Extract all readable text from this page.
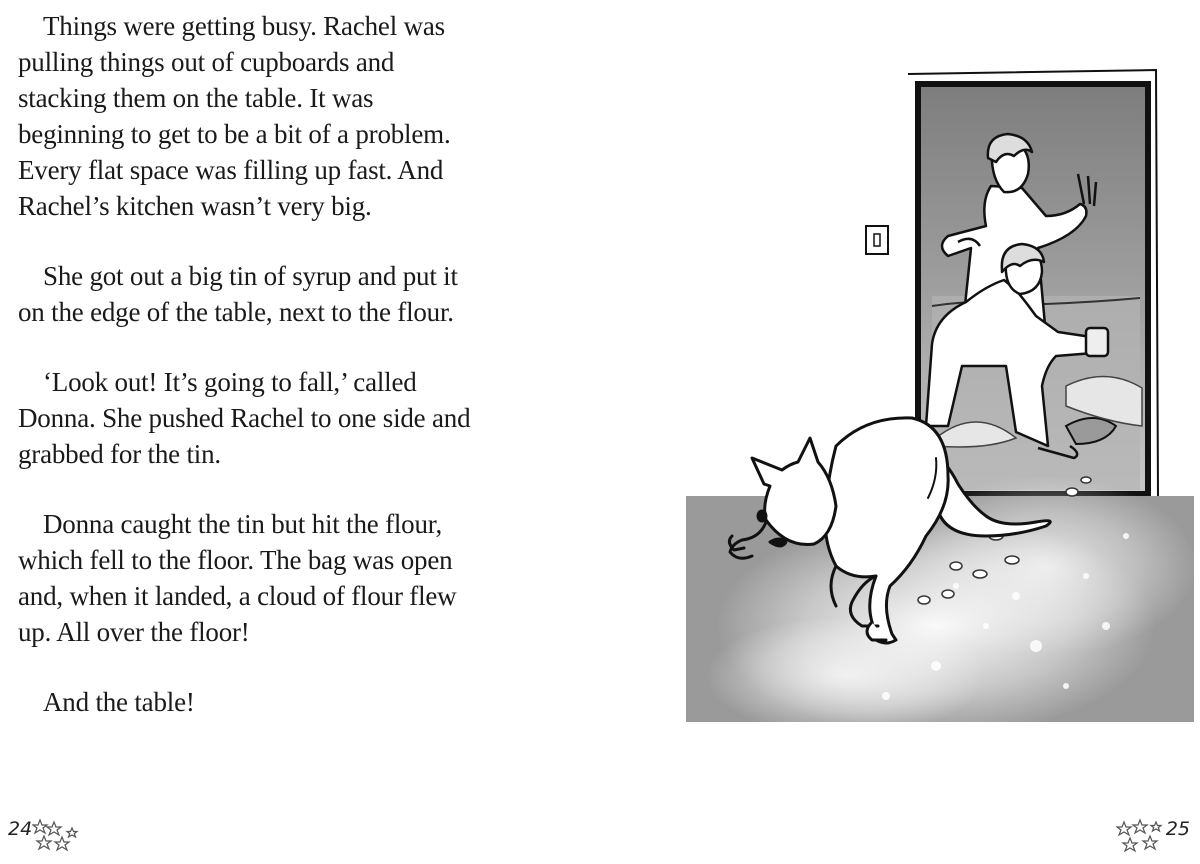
Things were getting busy. Rachel was
pulling things out of cupboards and
stacking them on the table. It was
beginning to get to be a bit of a problem.
Every flat space was filling up fast. And
Rachel’s kitchen wasn’t very big.

She got out a big tin of syrup and put it
on the edge of the table, next to the flour.

‘Look out! It’s going to fall,’ called
Donna. She pushed Rachel to one side and
grabbed for the tin.

Donna caught the tin but hit the flour,
which fell to the floor. The bag was open
and, when it landed, a cloud of flour flew
up. All over the floor!

And the table!

24	25
